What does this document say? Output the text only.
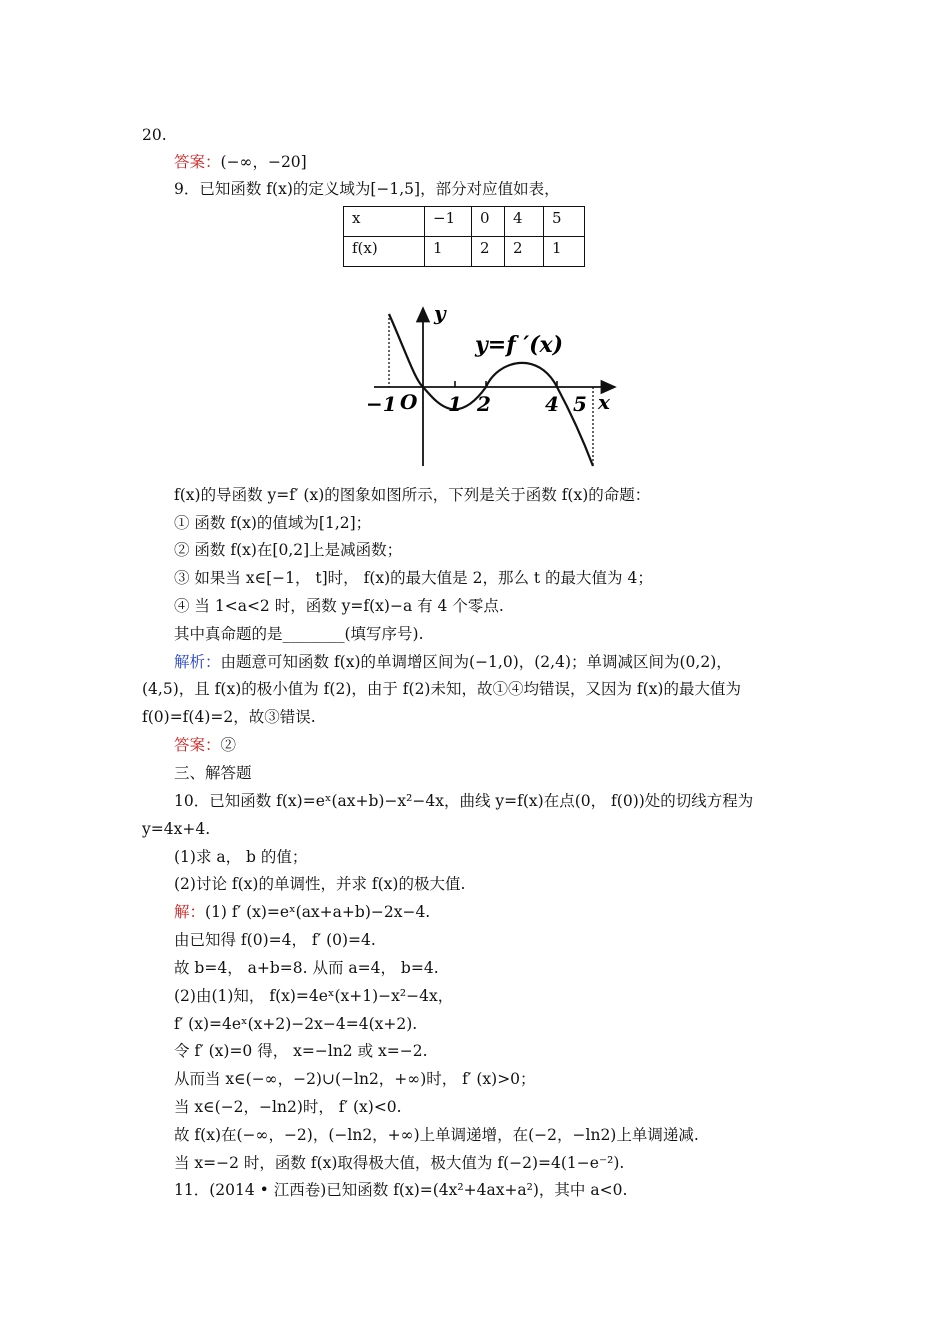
20.
答案：(−∞，−20]
9．已知函数 f(x)的定义域为[−1,5]，部分对应值如表，
x	−1	0	4	5
f(x)	1	2	2	1
y=f ′(x)
y
x
−1 O 1 2	4 5
f(x)的导函数 y=f′ (x)的图象如图所示，下列是关于函数 f(x)的命题：
① 函数 f(x)的值域为[1,2]；
② 函数 f(x)在[0,2]上是减函数；
③ 如果当 x∈[−1， t]时， f(x)的最大值是 2，那么 t 的最大值为 4；
④ 当 1<a<2 时，函数 y=f(x)−a 有 4 个零点.
其中真命题的是________(填写序号).
解析：由题意可知函数 f(x)的单调增区间为(−1,0)，(2,4)；单调减区间为(0,2)，
(4,5)，且 f(x)的极小值为 f(2)，由于 f(2)未知，故①④均错误，又因为 f(x)的最大值为
f(0)=f(4)=2，故③错误.
答案：②
三、解答题
10．已知函数 f(x)=eˣ(ax+b)−x²−4x，曲线 y=f(x)在点(0， f(0))处的切线方程为
y=4x+4.
(1)求 a， b 的值；
(2)讨论 f(x)的单调性，并求 f(x)的极大值.
解：(1) f′ (x)=eˣ(ax+a+b)−2x−4.
由已知得 f(0)=4， f′ (0)=4.
故 b=4， a+b=8. 从而 a=4， b=4.
(2)由(1)知， f(x)=4eˣ(x+1)−x²−4x，
f′ (x)=4eˣ(x+2)−2x−4=4(x+2).
令 f′ (x)=0 得， x=−ln2 或 x=−2.
从而当 x∈(−∞，−2)∪(−ln2，+∞)时， f′ (x)>0；
当 x∈(−2，−ln2)时， f′ (x)<0.
故 f(x)在(−∞，−2)，(−ln2，+∞)上单调递增，在(−2，−ln2)上单调递减.
当 x=−2 时，函数 f(x)取得极大值，极大值为 f(−2)=4(1−e⁻²).
11．(2014 • 江西卷)已知函数 f(x)=(4x²+4ax+a²)，其中 a<0.
